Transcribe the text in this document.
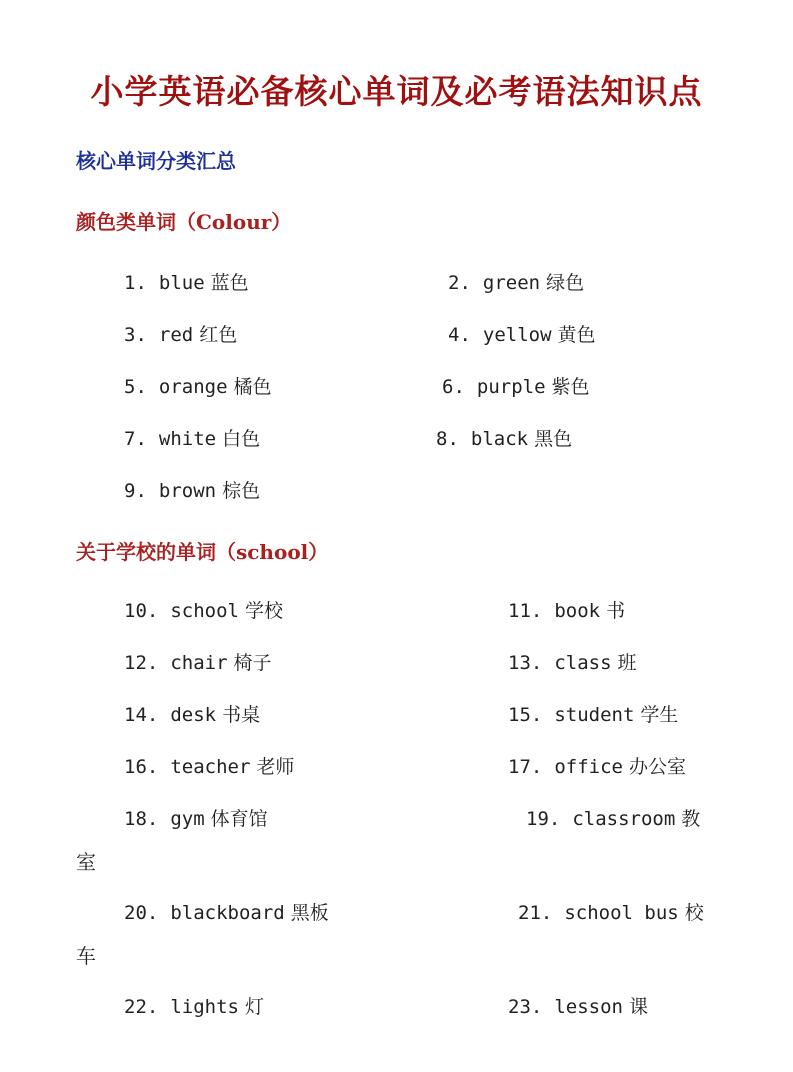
小学英语必备核心单词及必考语法知识点
核心单词分类汇总
颜色类单词（Colour）
1. blue 蓝色	2. green 绿色
3. red 红色	4. yellow 黄色
5. orange 橘色	6. purple 紫色
7. white 白色	8. black 黑色
9. brown 棕色
关于学校的单词（school）
10. school 学校	11. book 书
12. chair 椅子	13. class 班
14. desk 书桌	15. student 学生
16. teacher 老师	17. office 办公室
18. gym 体育馆	19. classroom 教
室
20. blackboard 黑板	21. school bus 校
车
22. lights 灯	23. lesson 课
